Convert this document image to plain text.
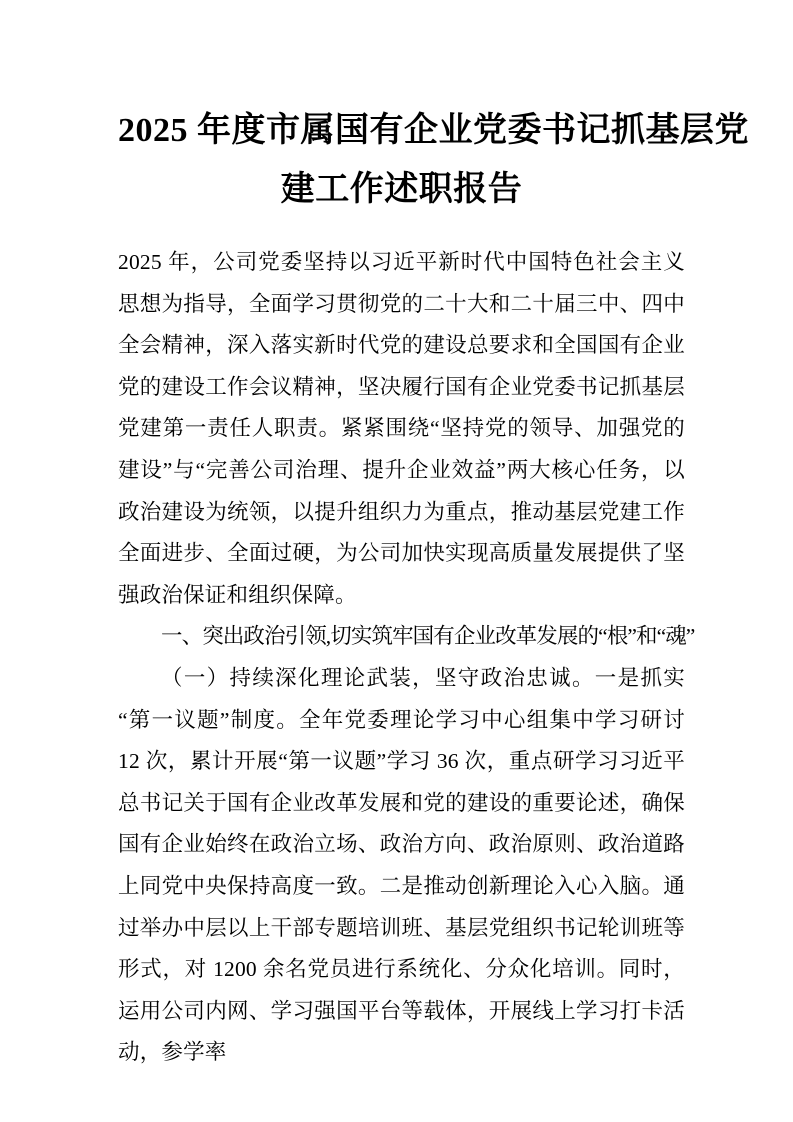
2025 年度市属国有企业党委书记抓基层党
建工作述职报告

2025 年，公司党委坚持以习近平新时代中国特色社会主义思想为指导，全面学习贯彻党的二十大和二十届三中、四中全会精神，深入落实新时代党的建设总要求和全国国有企业党的建设工作会议精神，坚决履行国有企业党委书记抓基层党建第一责任人职责。紧紧围绕“坚持党的领导、加强党的建设”与“完善公司治理、提升企业效益”两大核心任务，以政治建设为统领，以提升组织力为重点，推动基层党建工作全面进步、全面过硬，为公司加快实现高质量发展提供了坚强政治保证和组织保障。

一、突出政治引领,切实筑牢国有企业改革发展的“根”和“魂”

（一）持续深化理论武装，坚守政治忠诚。一是抓实“第一议题”制度。全年党委理论学习中心组集中学习研讨 12 次，累计开展“第一议题”学习 36 次，重点研学习习近平总书记关于国有企业改革发展和党的建设的重要论述，确保国有企业始终在政治立场、政治方向、政治原则、政治道路上同党中央保持高度一致。二是推动创新理论入心入脑。通过举办中层以上干部专题培训班、基层党组织书记轮训班等形式，对 1200 余名党员进行系统化、分众化培训。同时，运用公司内网、学习强国平台等载体，开展线上学习打卡活动，参学率
